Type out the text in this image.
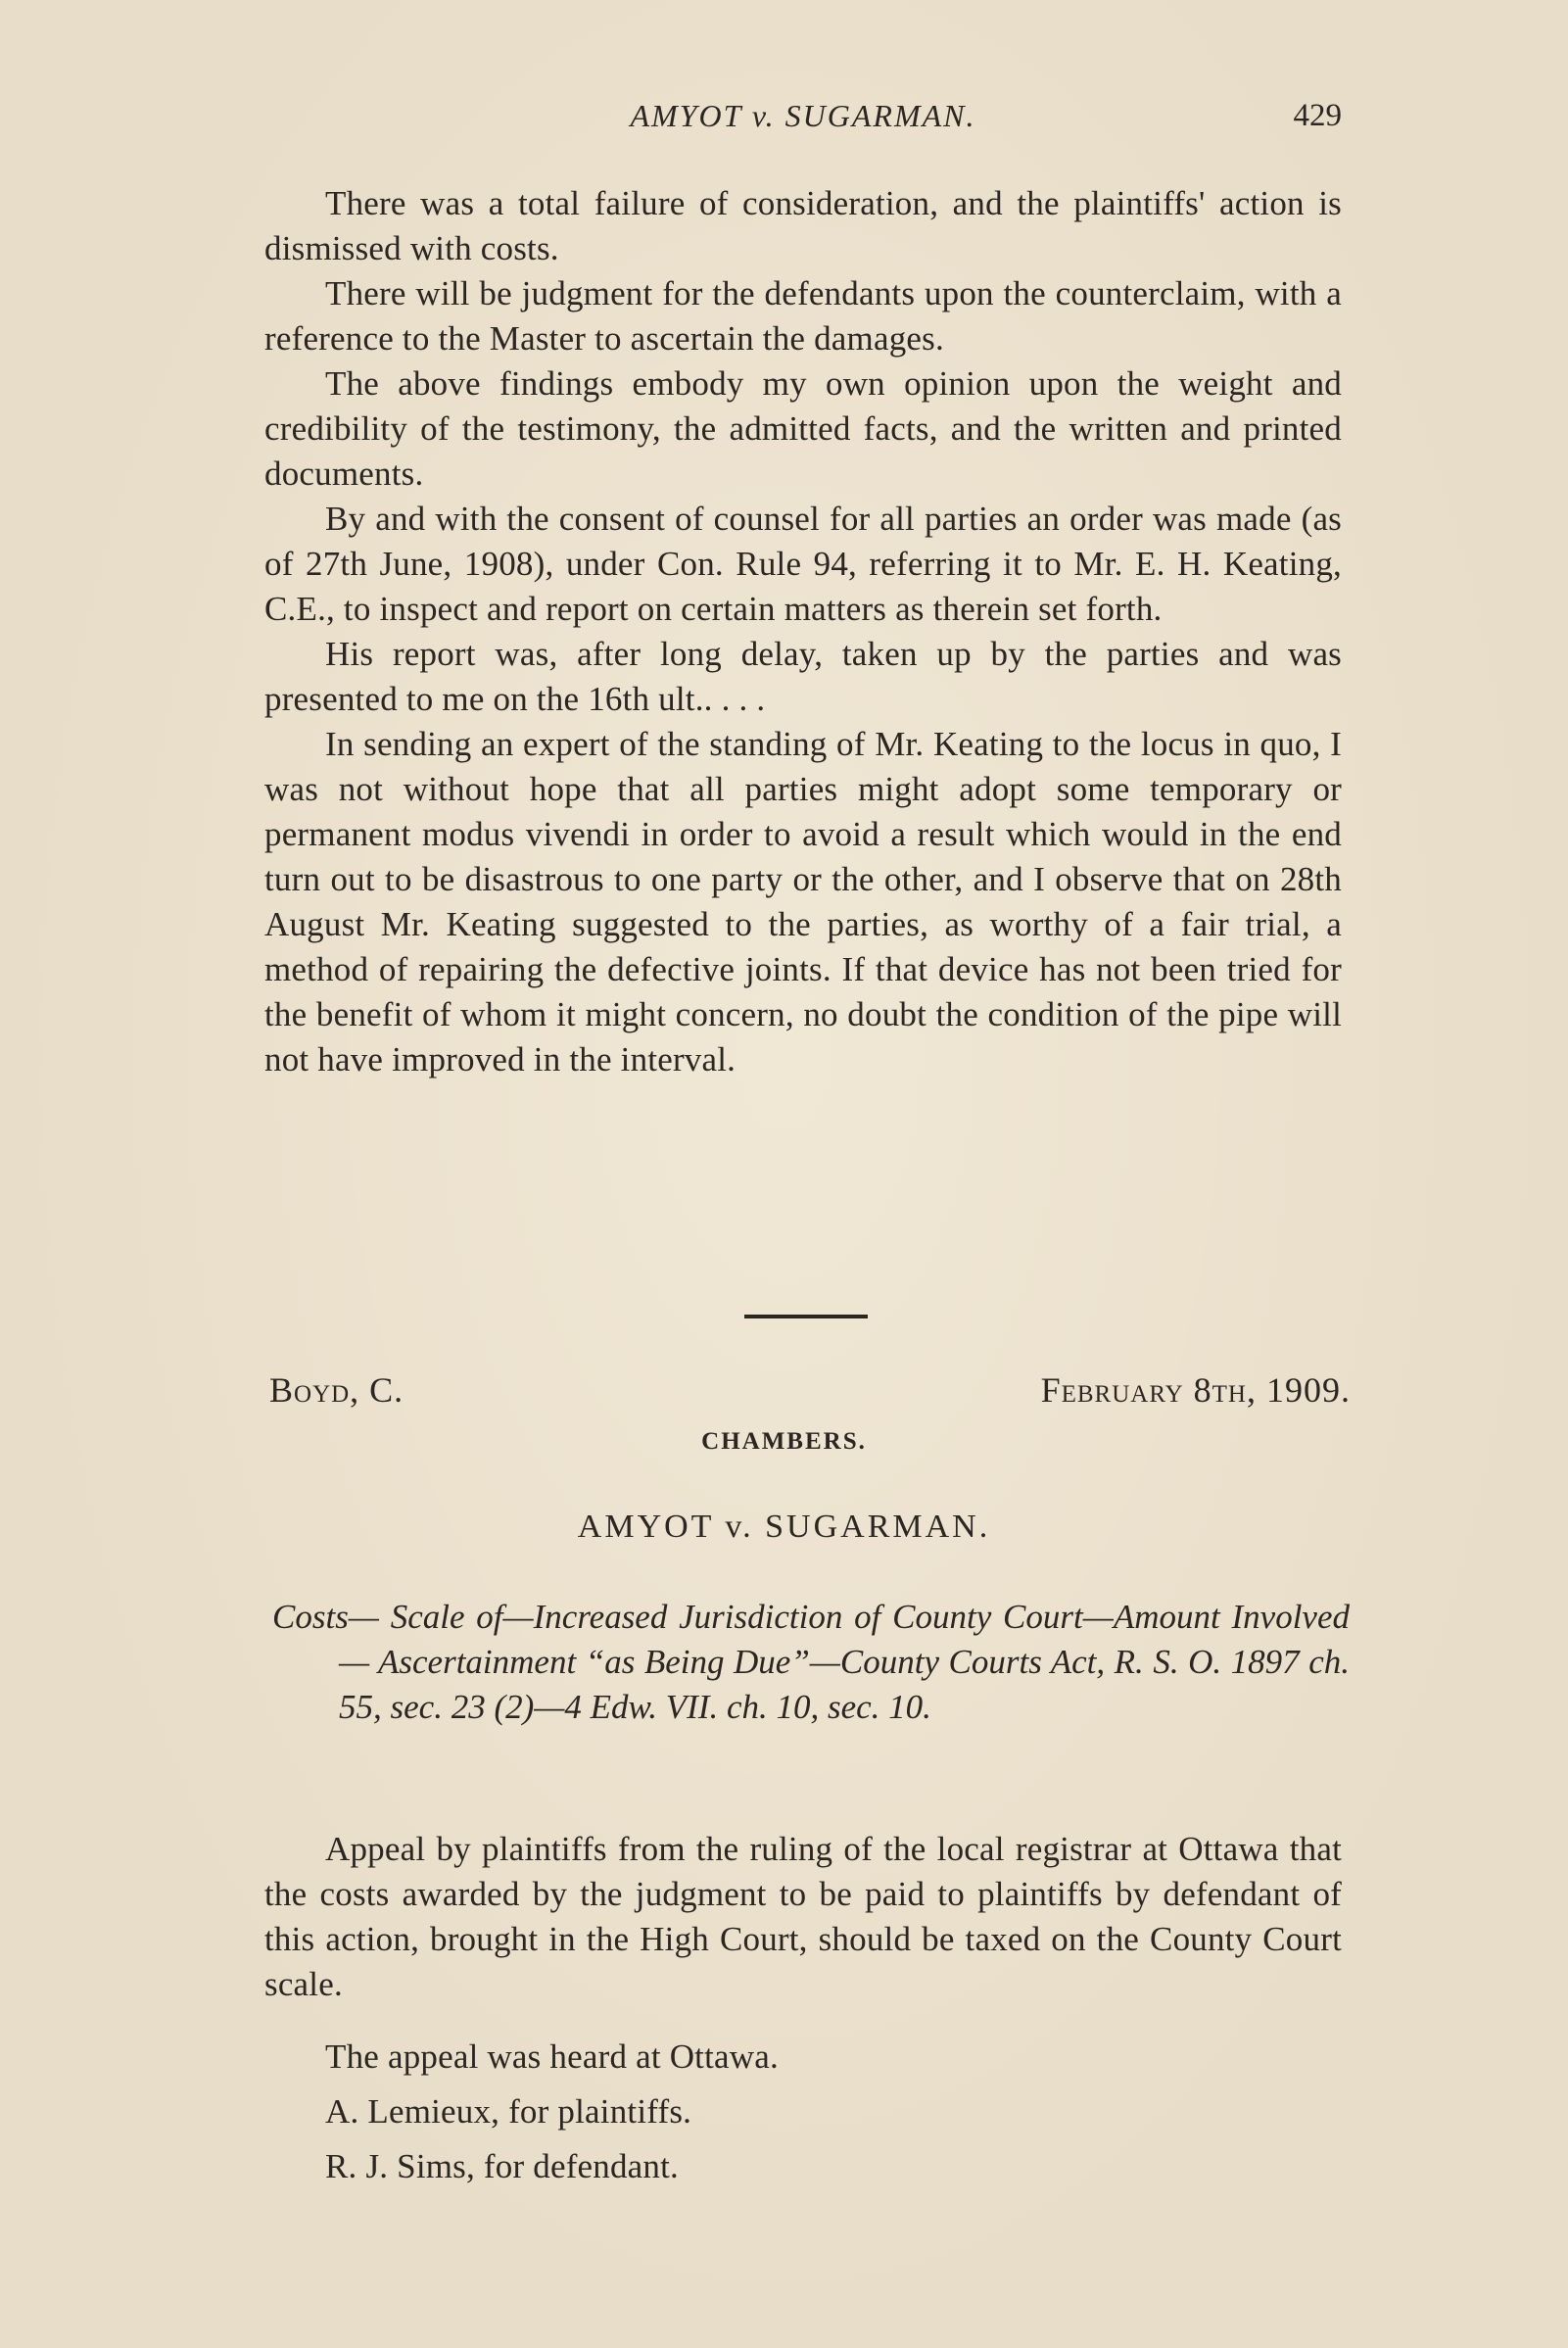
AMYOT v. SUGARMAN.	429

There was a total failure of consideration, and the plaintiffs' action is dismissed with costs.

There will be judgment for the defendants upon the counterclaim, with a reference to the Master to ascertain the damages.

The above findings embody my own opinion upon the weight and credibility of the testimony, the admitted facts, and the written and printed documents.

By and with the consent of counsel for all parties an order was made (as of 27th June, 1908), under Con. Rule 94, referring it to Mr. E. H. Keating, C.E., to inspect and report on certain matters as therein set forth.

His report was, after long delay, taken up by the parties and was presented to me on the 16th ult.. . . .

In sending an expert of the standing of Mr. Keating to the locus in quo, I was not without hope that all parties might adopt some temporary or permanent modus vivendi in order to avoid a result which would in the end turn out to be disastrous to one party or the other, and I observe that on 28th August Mr. Keating suggested to the parties, as worthy of a fair trial, a method of repairing the defective joints. If that device has not been tried for the benefit of whom it might concern, no doubt the condition of the pipe will not have improved in the interval.

Boyd, C.	February 8th, 1909.
CHAMBERS.
AMYOT v. SUGARMAN.

Costs— Scale of—Increased Jurisdiction of County Court—Amount Involved — Ascertainment “as Being Due”—County Courts Act, R. S. O. 1897 ch. 55, sec. 23 (2)—4 Edw. VII. ch. 10, sec. 10.

Appeal by plaintiffs from the ruling of the local registrar at Ottawa that the costs awarded by the judgment to be paid to plaintiffs by defendant of this action, brought in the High Court, should be taxed on the County Court scale.

The appeal was heard at Ottawa.

A. Lemieux, for plaintiffs.

R. J. Sims, for defendant.
